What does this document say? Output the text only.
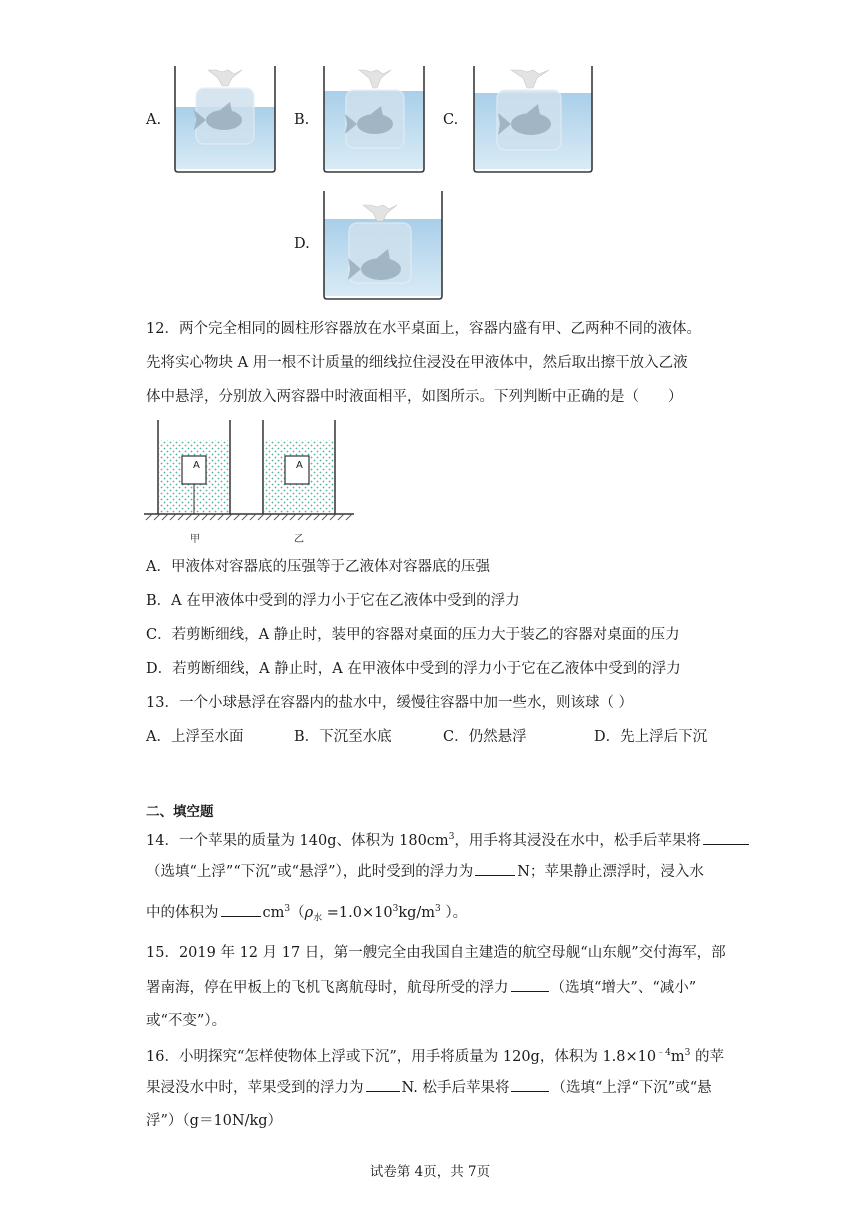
A.	B.	C.
D.
12．两个完全相同的圆柱形容器放在水平桌面上，容器内盛有甲、乙两种不同的液体。
先将实心物块 A 用一根不计质量的细线拉住浸没在甲液体中，然后取出擦干放入乙液
体中悬浮，分别放入两容器中时液面相平，如图所示。下列判断中正确的是（　　）
A	A
甲	乙
A．甲液体对容器底的压强等于乙液体对容器底的压强
B．A 在甲液体中受到的浮力小于它在乙液体中受到的浮力
C．若剪断细线，A 静止时，装甲的容器对桌面的压力大于装乙的容器对桌面的压力
D．若剪断细线，A 静止时，A 在甲液体中受到的浮力小于它在乙液体中受到的浮力
13．一个小球悬浮在容器内的盐水中，缓慢往容器中加一些水，则该球（ ）
A．上浮至水面	B．下沉至水底	C．仍然悬浮	D．先上浮后下沉
二、填空题
14．一个苹果的质量为 140g、体积为 $180cm^3$，用手将其浸没在水中，松手后苹果将
（选填“上浮”“下沉”或“悬浮”），此时受到的浮力为	N；苹果静止漂浮时，浸入水
中的体积为	$cm^3(\rho_水 =1.0\times 10^3kg/m^3$ ）。
15．2019 年 12 月 17 日，第一艘完全由我国自主建造的航空母舰“山东舰”交付海军，部
署南海，停在甲板上的飞机飞离航母时，航母所受的浮力	（选填“增大”、“减小”
或“不变”）。
16．小明探究“怎样使物体上浮或下沉”，用手将质量为 120g，体积为 $1.8\times 10^{﹣4}m^3$ 的苹
果浸没水中时，苹果受到的浮力为	N. 松手后苹果将	（选填“上浮“下沉”或“悬
浮”）（g＝10N/kg）
试卷第 4页，共 7页
